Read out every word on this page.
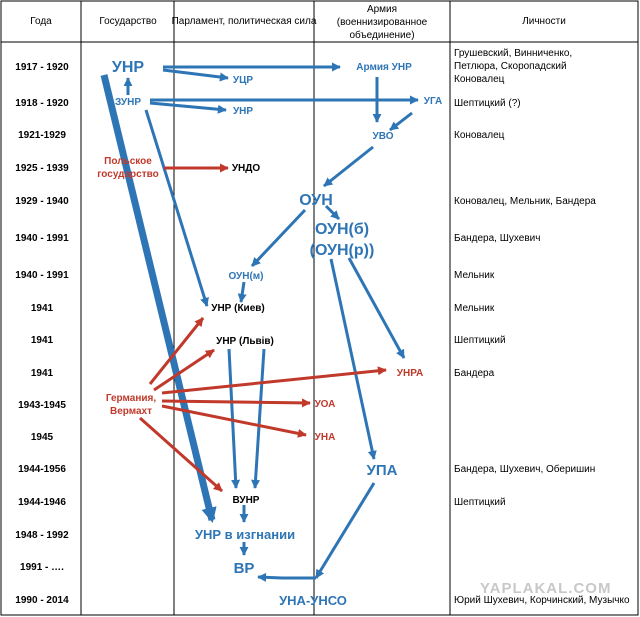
Года	Государство Парламент, политическая сила
Армия
(военнизированное
объединение)
Личности
1917 - 1920
1918 - 1920
1921-1929
1925 - 1939
1929 - 1940
1940 - 1991
1940 - 1991
1941
1941
1941
1943-1945
1945
1944-1956
1944-1946
1948 - 1992
1991 - ….
1990 - 2014
Грушевский, Винниченко,
Петлюра, Скоропадский
Коновалец
Шептицкий (?)
Коновалец
Коновалец, Мельник, Бандера
Бандера, Шухевич
Мельник
Мельник
Шептицкий
Бандера
Бандера, Шухевич, Оберишин
Шептицкий
Юрий Шухевич, Корчинский, Музычко
УНР
ЗУНР
УЦР
УНР
Армия УНР
УГА
УВО
Польское
государство
УНДО
ОУН
ОУН(б)
(ОУН(р))
ОУН(м)
УНР (Киев)
УНР (Львів)
УНРА
Германия,
Вермахт
УОА
УНА
УПА
ВУНР
УНР в изгнании
ВР
УНА-УНСО
YAPLAKAL.COM
